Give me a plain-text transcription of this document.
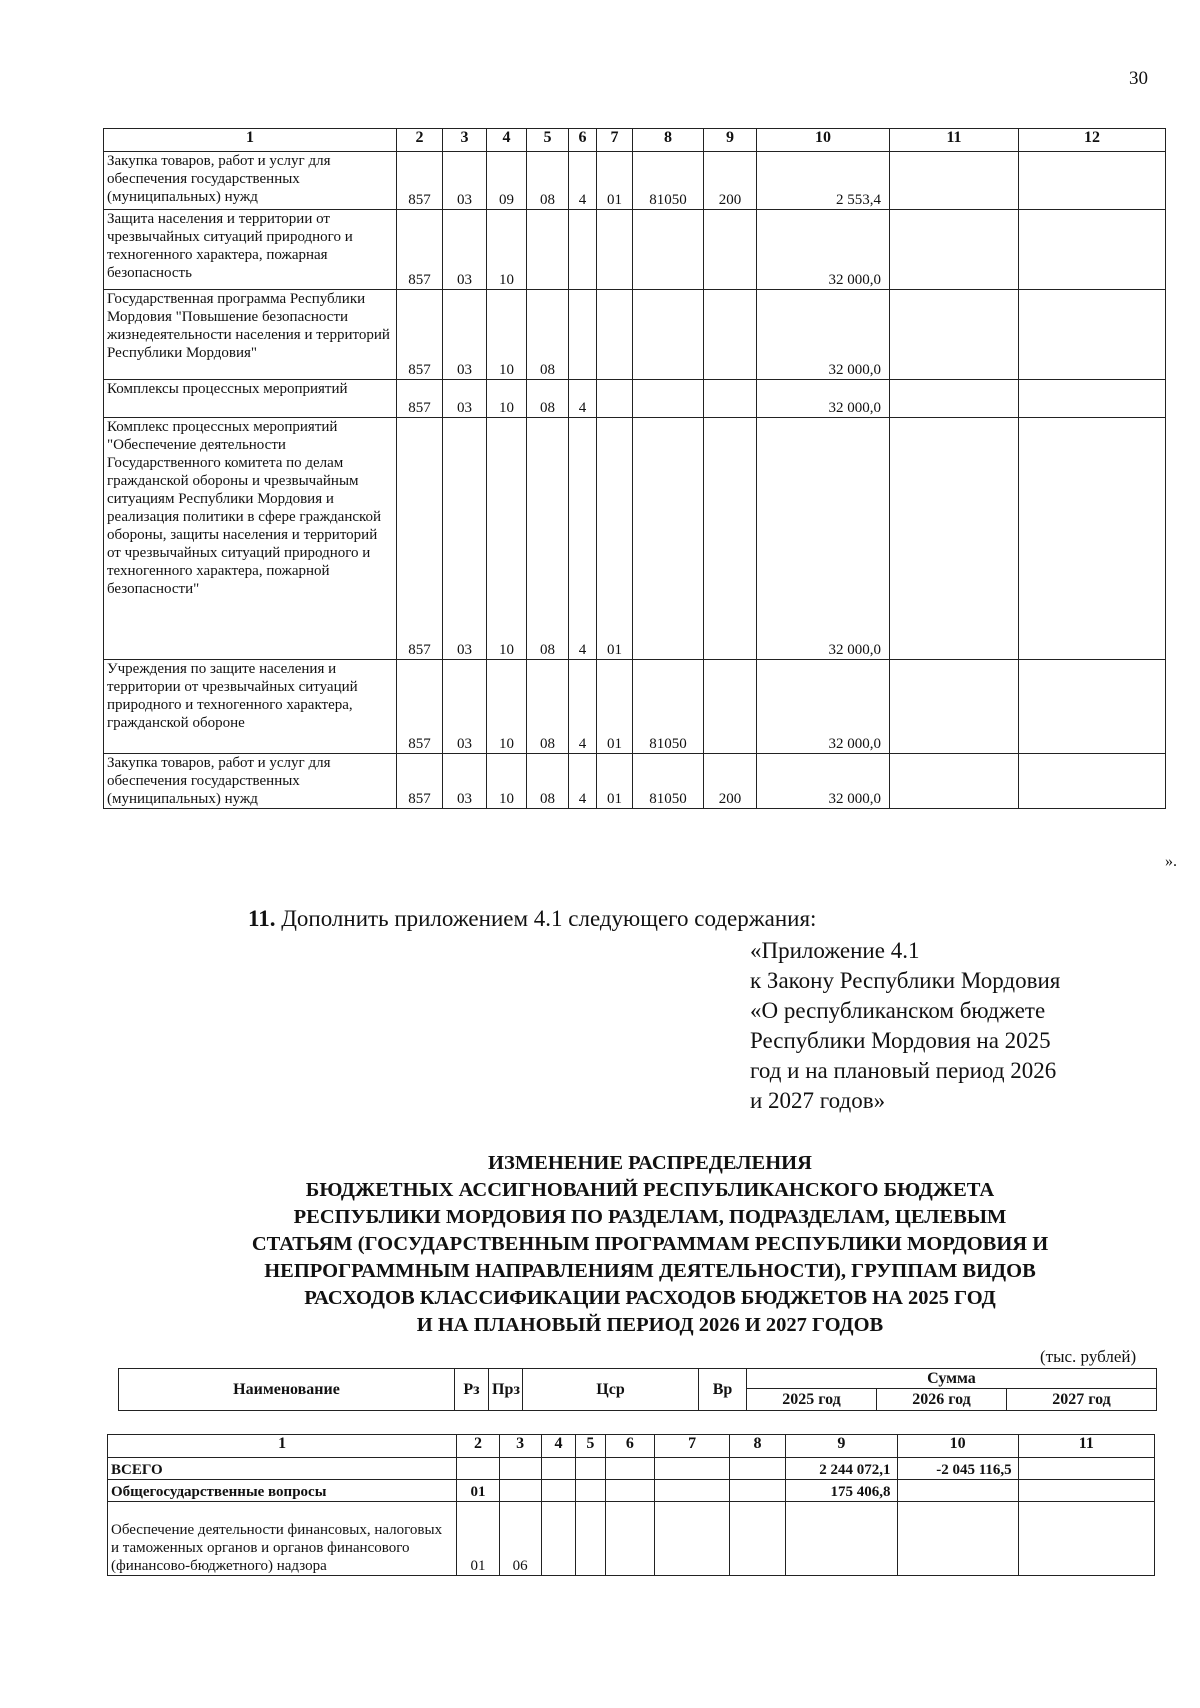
30
1	2	3	4	5	6	7	8	9	10	11	12
Закупка товаров, работ и услуг для обеспечения государственных (муниципальных) нужд	857	03	09	08	4	01	81050	200	2 553,4		
Защита населения и территории от чрезвычайных ситуаций природного и техногенного характера, пожарная безопасность	857	03	10						32 000,0		
Государственная программа Республики Мордовия "Повышение безопасности жизнедеятельности населения и территорий Республики Мордовия"	857	03	10	08					32 000,0		
Комплексы процессных мероприятий	857	03	10	08	4				32 000,0		
Комплекс процессных мероприятий "Обеспечение деятельности Государственного комитета по делам гражданской обороны и чрезвычайным ситуациям Республики Мордовия и реализация политики в сфере гражданской обороны, защиты населения и территорий от чрезвычайных ситуаций природного и техногенного характера, пожарной безопасности"	857	03	10	08	4	01			32 000,0		
Учреждения по защите населения и территории от чрезвычайных ситуаций природного и техногенного характера, гражданской обороне	857	03	10	08	4	01	81050		32 000,0		
Закупка товаров, работ и услуг для обеспечения государственных (муниципальных) нужд	857	03	10	08	4	01	81050	200	32 000,0		
».
11. Дополнить приложением 4.1 следующего содержания:
«Приложение 4.1
к Закону Республики Мордовия
«О республиканском бюджете
Республики Мордовия на 2025
год и на плановый период 2026
и 2027 годов»
ИЗМЕНЕНИЕ РАСПРЕДЕЛЕНИЯ
БЮДЖЕТНЫХ АССИГНОВАНИЙ РЕСПУБЛИКАНСКОГО БЮДЖЕТА
РЕСПУБЛИКИ МОРДОВИЯ ПО РАЗДЕЛАМ, ПОДРАЗДЕЛАМ, ЦЕЛЕВЫМ
СТАТЬЯМ (ГОСУДАРСТВЕННЫМ ПРОГРАММАМ РЕСПУБЛИКИ МОРДОВИЯ И
НЕПРОГРАММНЫМ НАПРАВЛЕНИЯМ ДЕЯТЕЛЬНОСТИ), ГРУППАМ ВИДОВ
РАСХОДОВ КЛАССИФИКАЦИИ РАСХОДОВ БЮДЖЕТОВ НА 2025 ГОД
И НА ПЛАНОВЫЙ ПЕРИОД 2026 И 2027 ГОДОВ
(тыс. рублей)
Наименование	Рз	Прз	Цср	Вр	Сумма		
					2025 год	2026 год	2027 год
1	2	3	4	5	6	7	8	9	10	11
ВСЕГО								2 244 072,1	-2 045 116,5	
Общегосударственные вопросы	01							175 406,8		
Обеспечение деятельности финансовых, налоговых и таможенных органов и органов финансового (финансово-бюджетного) надзора	01	06								
